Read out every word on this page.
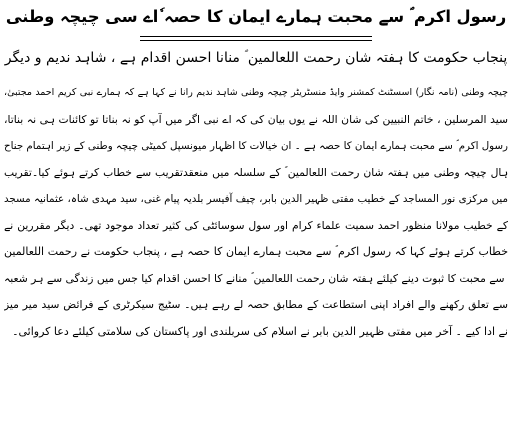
رسول اکرم ؐ سے محبت ہمارے ایمان کا حصہ ٗاے سی چیچہ وطنی
پنجاب حکومت کا ہفتہ شان رحمت اللعالمین ؐ منانا احسن اقدام ہے ، شاہد ندیم و دیگر
چیچہ وطنی (نامہ نگار) اسسٹنٹ کمشنر وایڈ منسٹریٹر چیچہ وطنی شاہد ندیم رانا نے کہا ہے کہ ہمارے نبی کریم احمد مجتبیٰ،
سید المرسلین ، خاتم النبیین کی شان اللہ نے یوں بیان کی کہ اے نبی اگر میں آپ کو نہ بناتا تو کائنات ہی نہ بناتا،
رسول اکرم ؐ سے محبت ہمارے ایمان کا حصہ ہے ۔ ان خیالات کا اظہار میونسپل کمیٹی چیچہ وطنی کے زیر اہتمام جناح
ہال چیچہ وطنی میں ہفتہ شان رحمت اللعالمین ؐ کے سلسلہ میں منعقدتقریب سے خطاب کرتے ہوئے کیا۔تقریب
میں مرکزی نور المساجد کے خطیب مفتی ظہیر الدین بابر، چیف آفیسر بلدیہ پیام غنی، سید مہدی شاہ، عثمانیہ مسجد
کے خطیب مولانا منظور احمد سمیت علماء کرام اور سول سوسائٹی کی کثیر تعداد موجود تھی۔ دیگر مقررین نے
خطاب کرتے ہوئے کہا کہ رسول اکرم ؐ سے محبت ہمارے ایمان کا حصہ ہے ، پنجاب حکومت نے رحمت اللعالمین
ؐ سے محبت کا ثبوت دینے کیلئے ہفتہ شان رحمت اللعالمین ؐ منانے کا احسن اقدام کیا جس میں زندگی سے ہر شعبہ
سے تعلق رکھنے والے افراد اپنی استطاعت کے مطابق حصہ لے رہے ہیں۔ سٹیج سیکرٹری کے فرائض سید میر میز
نے ادا کیے ۔ آخر میں مفتی ظہیر الدین بابر نے اسلام کی سربلندی اور پاکستان کی سلامتی کیلئے دعا کروائی۔
